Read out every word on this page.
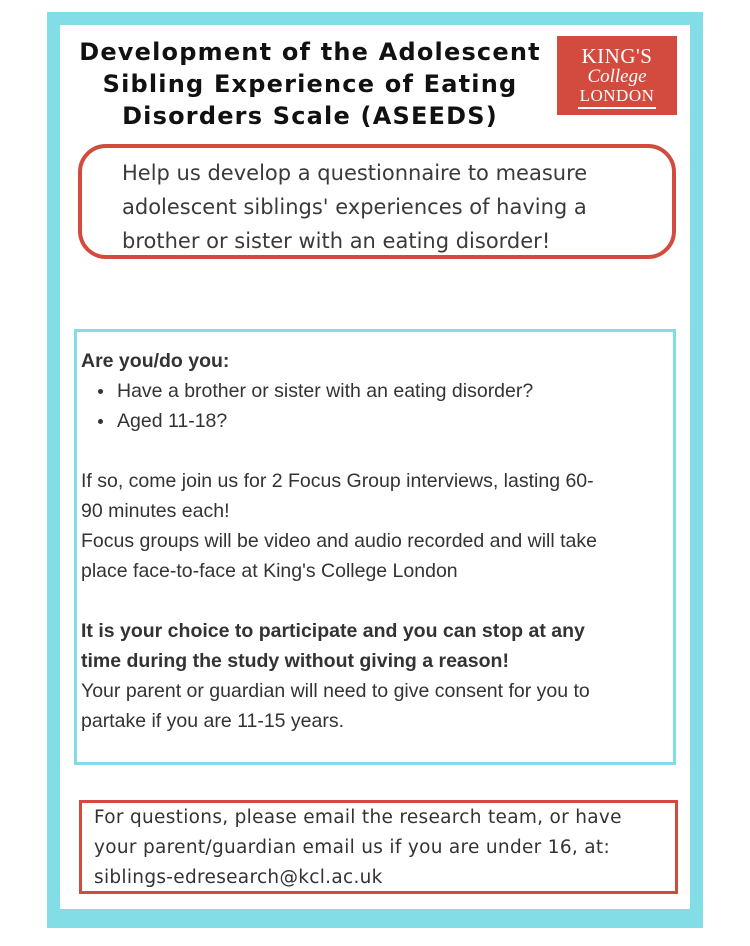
Development of the Adolescent
Sibling Experience of Eating
Disorders Scale (ASEEDS)
KING'S
College
LONDON
Help us develop a questionnaire to measure
adolescent siblings' experiences of having a
brother or sister with an eating disorder!

Are you/do you:

Have a brother or sister with an eating disorder?
Aged 11-18?

If so, come join us for 2 Focus Group interviews, lasting 60-
90 minutes each!
Focus groups will be video and audio recorded and will take
place face-to-face at King's College London

It is your choice to participate and you can stop at any
time during the study without giving a reason!

Your parent or guardian will need to give consent for you to
partake if you are 11-15 years.

For questions, please email the research team, or have
your parent/guardian email us if you are under 16, at:
siblings-edresearch@kcl.ac.uk
